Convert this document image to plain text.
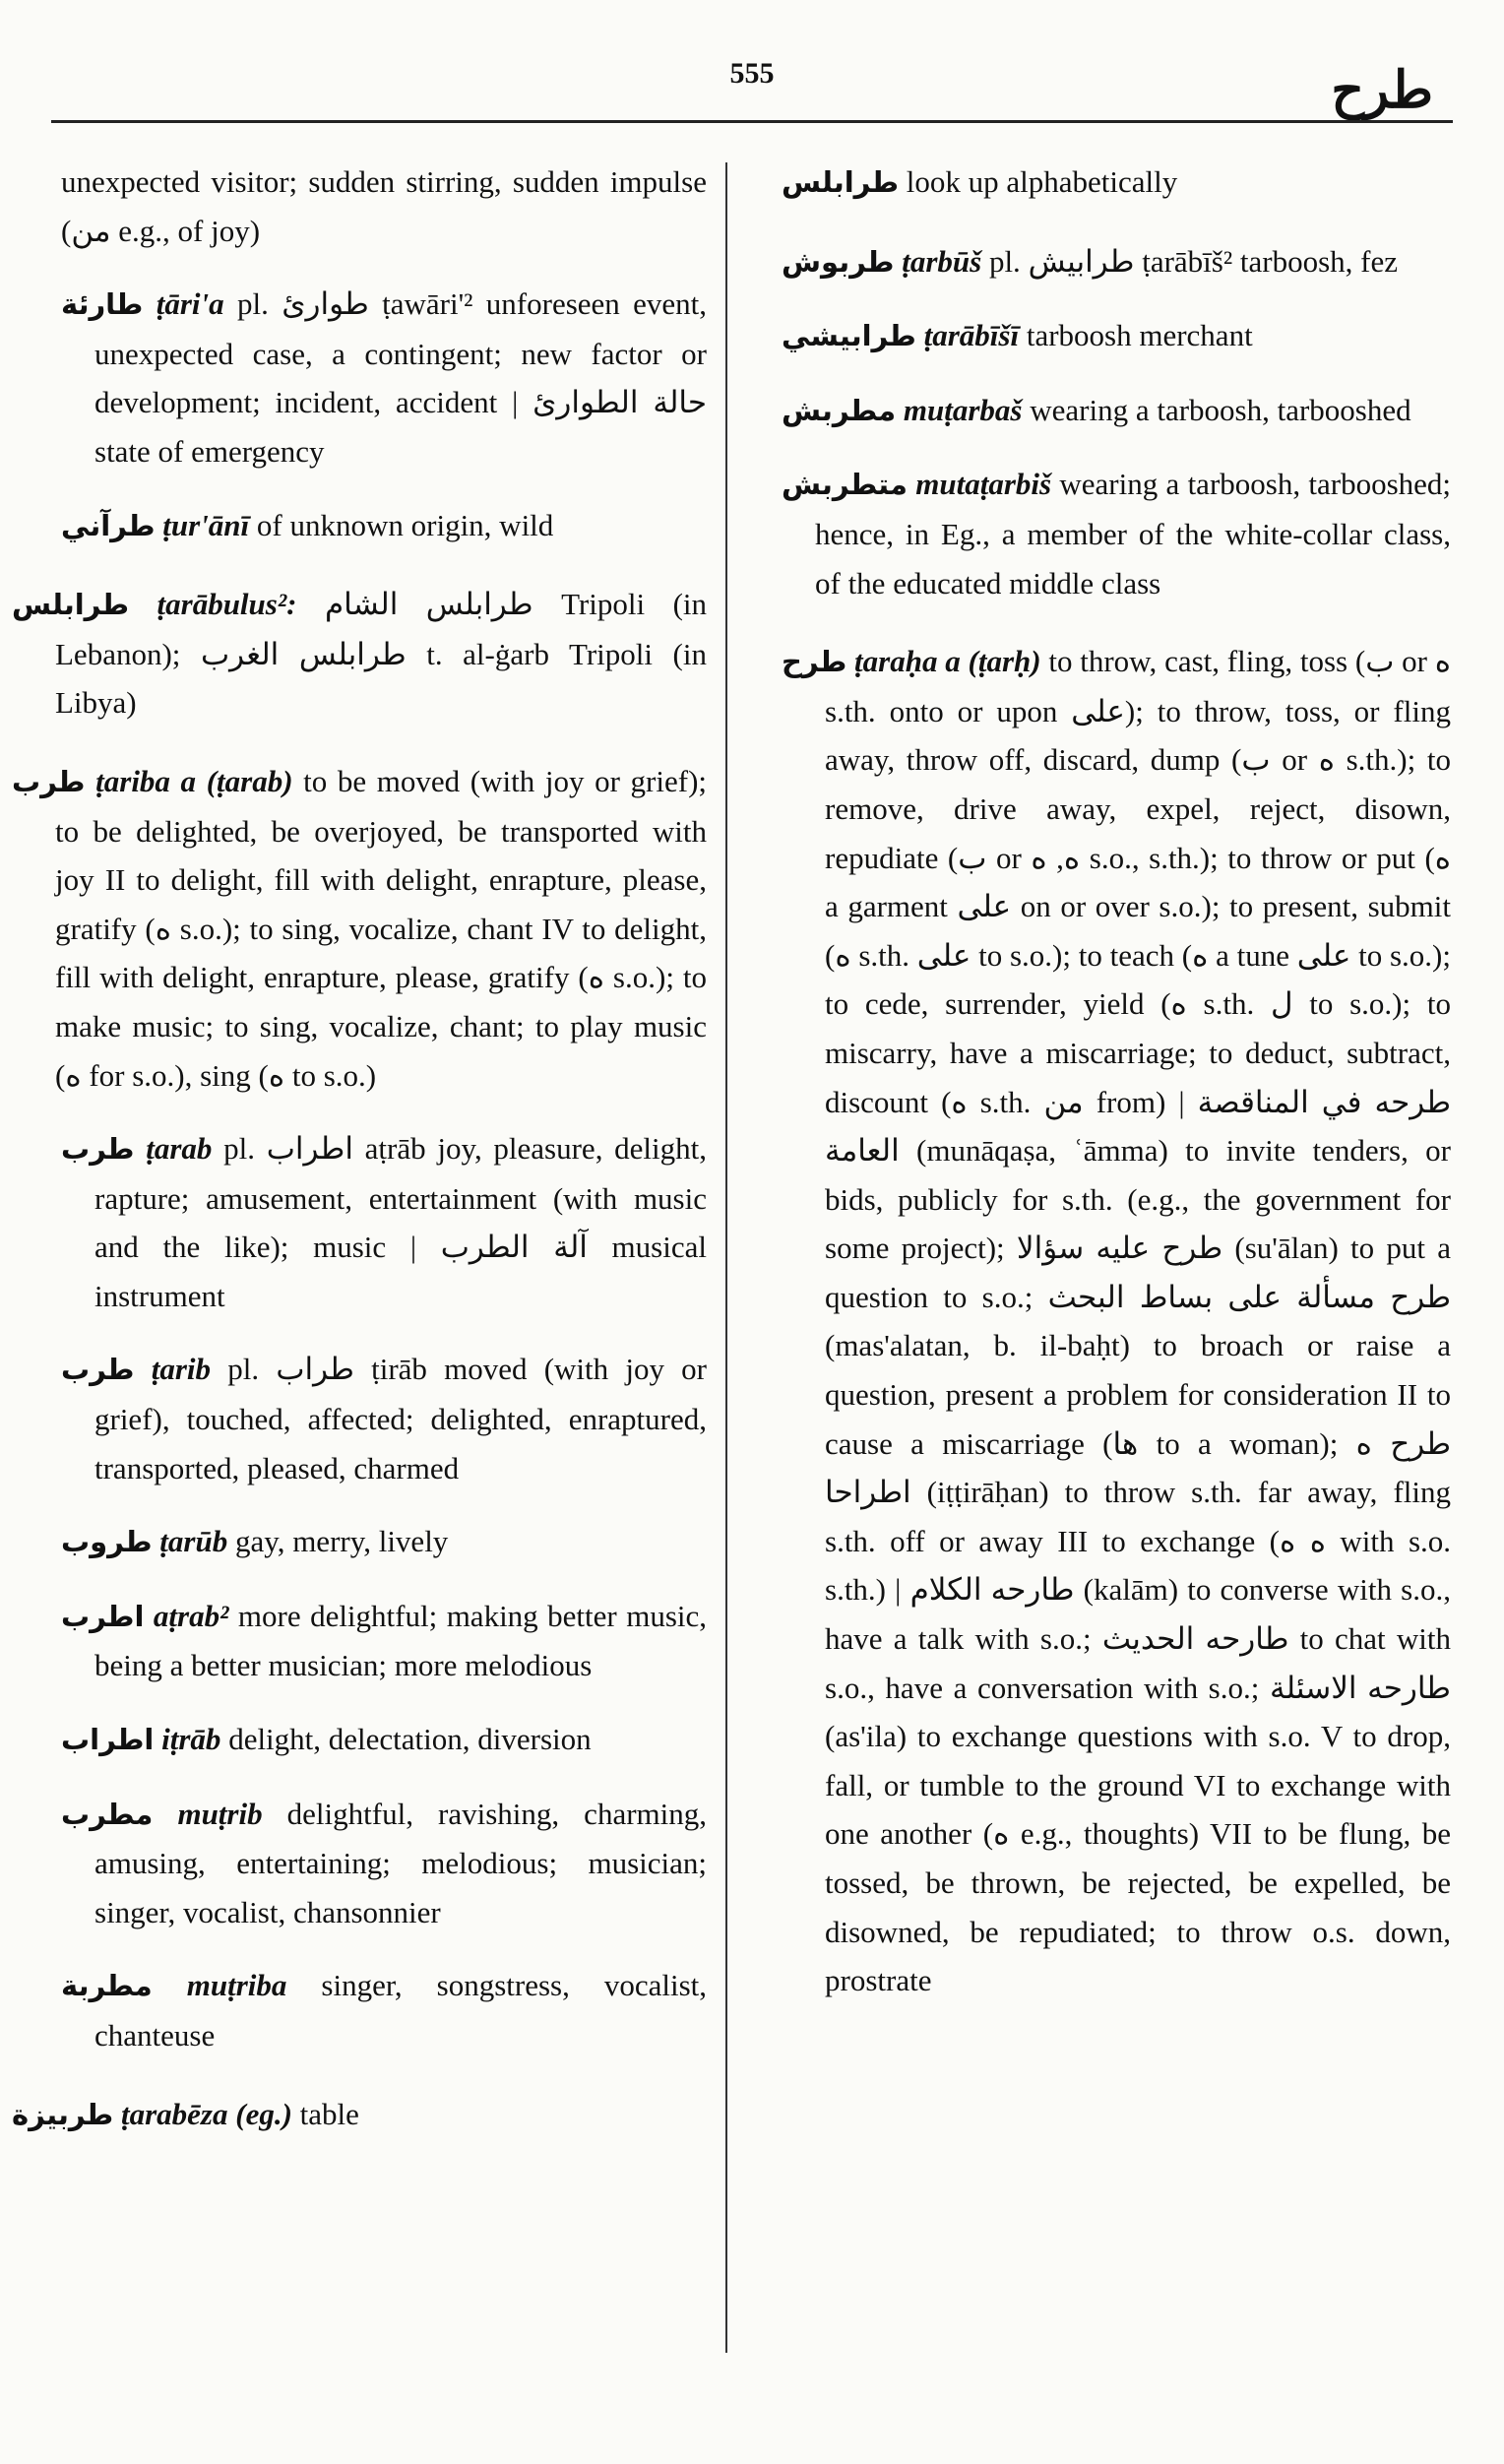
555	طرح
unexpected visitor; sudden stirring, sudden impulse (من e.g., of joy)
طارئة ṭāri'a pl. طوارئ ṭawāri'² unforeseen event, unexpected case, a contingent; new factor or development; incident, accident | حالة الطوارئ state of emergency
طرآني ṭur'ānī of unknown origin, wild
طرابلس ṭarābulus²: طرابلس الشام Tripoli (in Lebanon); طرابلس الغرب t. al-ġarb Tripoli (in Libya)
طرب ṭariba a (ṭarab) to be moved (with joy or grief); to be delighted, be overjoyed, be transported with joy II to delight, fill with delight, enrapture, please, gratify (ه s.o.); to sing, vocalize, chant IV to delight, fill with delight, enrapture, please, gratify (ه s.o.); to make music; to sing, vocalize, chant; to play music (ه for s.o.), sing (ه to s.o.)
طرب ṭarab pl. اطراب aṭrāb joy, pleasure, delight, rapture; amusement, entertainment (with music and the like); music | آلة الطرب musical instrument
طرب ṭarib pl. طراب ṭirāb moved (with joy or grief), touched, affected; delighted, enraptured, transported, pleased, charmed
طروب ṭarūb gay, merry, lively
اطرب aṭrab² more delightful; making better music, being a better musician; more melodious
اطراب iṭrāb delight, delectation, diversion
مطرب muṭrib delightful, ravishing, charming, amusing, entertaining; melodious; musician; singer, vocalist, chansonnier
مطربة muṭriba singer, songstress, vocalist, chanteuse
طربيزة ṭarabēza (eg.) table
طرابلس look up alphabetically
طربوش ṭarbūš pl. طرابيش ṭarābīš² tarboosh, fez
طرابيشي ṭarābīšī tarboosh merchant
مطربش muṭarbaš wearing a tarboosh, tarbooshed
متطربش mutaṭarbiš wearing a tarboosh, tarbooshed; hence, in Eg., a member of the white-collar class, of the educated middle class
طرح ṭaraḥa a (ṭarḥ) to throw, cast, fling, toss (ب or ه s.th. onto or upon على); to throw, toss, or fling away, throw off, discard, dump (ب or ه s.th.); to remove, drive away, expel, reject, disown, repudiate (ب or ه, ه s.o., s.th.); to throw or put (ه a garment على on or over s.o.); to present, submit (ه s.th. على to s.o.); to teach (ه a tune على to s.o.); to cede, surrender, yield (ه s.th. ل to s.o.); to miscarry, have a miscarriage; to deduct, subtract, discount (ه s.th. من from) | طرحه في المناقصة العامة (munāqaṣa, ʿāmma) to invite tenders, or bids, publicly for s.th. (e.g., the government for some project); طرح عليه سؤالا (su'ālan) to put a question to s.o.; طرح مسألة على بساط البحث (mas'alatan, b. il-baḥt) to broach or raise a question, present a problem for consideration II to cause a miscarriage (ها to a woman); طرح ه اطراحا (iṭṭirāḥan) to throw s.th. far away, fling s.th. off or away III to exchange (ه ه with s.o. s.th.) | طارحه الكلام (kalām) to converse with s.o., have a talk with s.o.; طارحه الحديث to chat with s.o., have a conversation with s.o.; طارحه الاسئلة (as'ila) to exchange questions with s.o. V to drop, fall, or tumble to the ground VI to exchange with one another (ه e.g., thoughts) VII to be flung, be tossed, be thrown, be rejected, be expelled, be disowned, be repudiated; to throw o.s. down, prostrate
